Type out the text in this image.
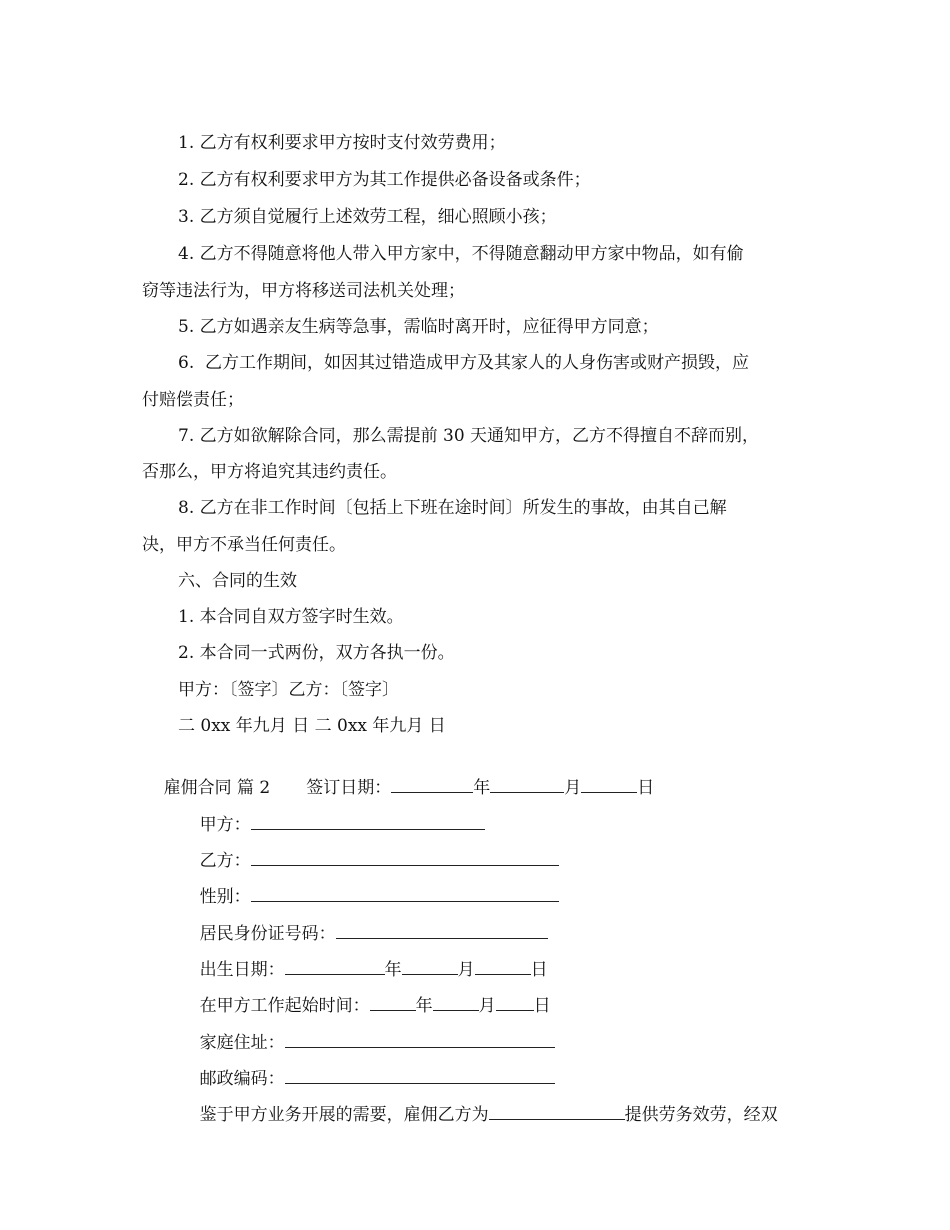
1. 乙方有权利要求甲方按时支付效劳费用；
2. 乙方有权利要求甲方为其工作提供必备设备或条件；
3. 乙方须自觉履行上述效劳工程，细心照顾小孩；
4. 乙方不得随意将他人带入甲方家中，不得随意翻动甲方家中物品，如有偷
窃等违法行为，甲方将移送司法机关处理；
5. 乙方如遇亲友生病等急事，需临时离开时，应征得甲方同意；
6.  乙方工作期间，如因其过错造成甲方及其家人的人身伤害或财产损毁，应
付赔偿责任；
7. 乙方如欲解除合同，那么需提前 30 天通知甲方，乙方不得擅自不辞而别，
否那么，甲方将追究其违约责任。
8. 乙方在非工作时间〔包括上下班在途时间〕所发生的事故，由其自己解
决，甲方不承当任何责任。
六、合同的生效
1. 本合同自双方签字时生效。
2. 本合同一式两份，双方各执一份。
甲方：〔签字〕乙方：〔签字〕
二 0xx 年九月 日 二 0xx 年九月 日

雇佣合同 篇 2 签订日期：	年	月	日

甲方：

乙方：

性别：

居民身份证号码：

出生日期：	年	月	日

在甲方工作起始时间：	年	月 日

家庭住址：

邮政编码：

鉴于甲方业务开展的需要，雇佣乙方为	提供劳务效劳，经双
